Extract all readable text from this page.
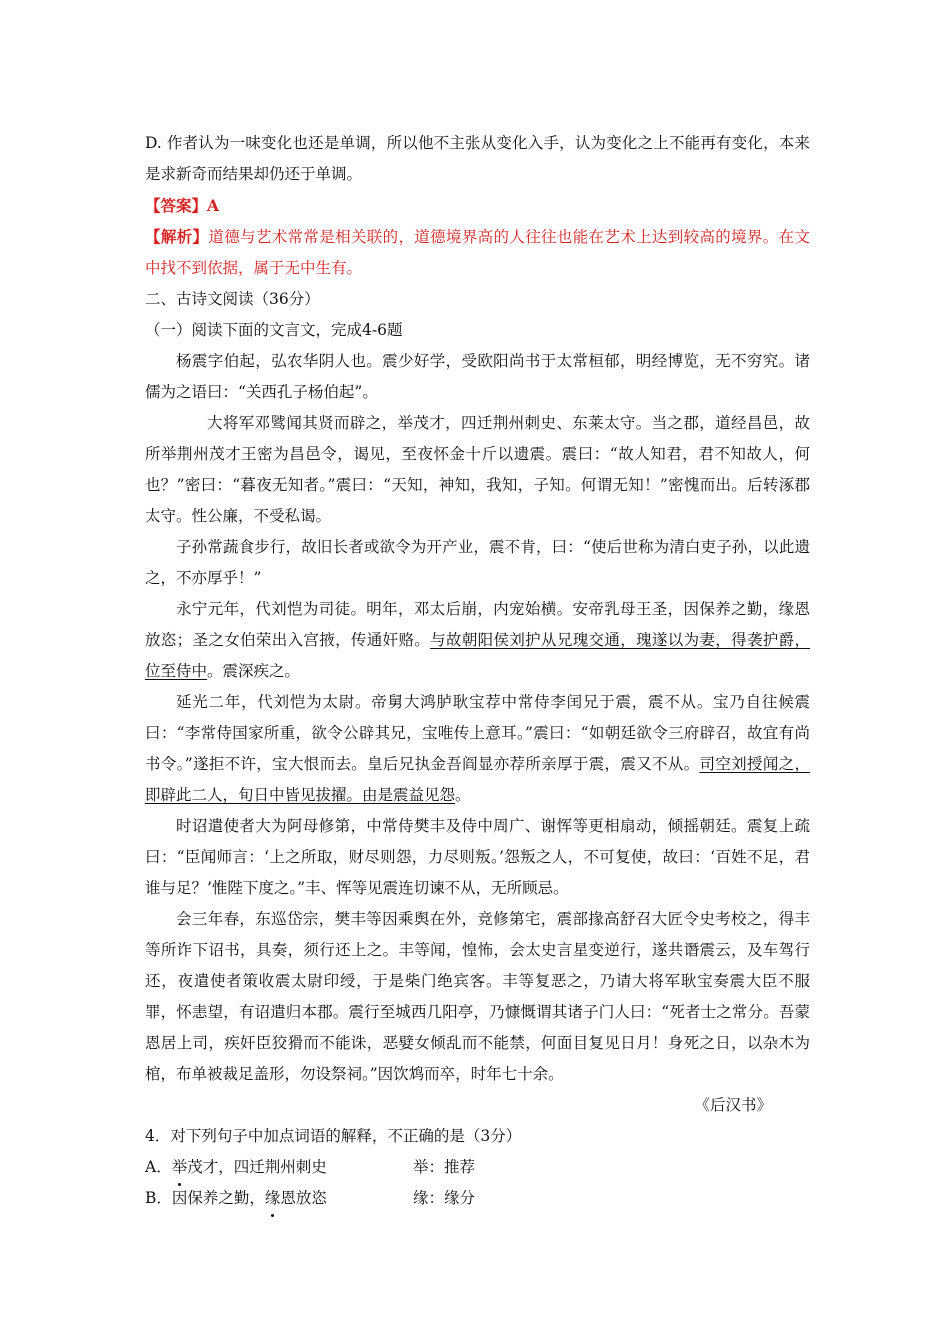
D. 作者认为一味变化也还是单调，所以他不主张从变化入手，认为变化之上不能再有变化，本来是求新奇而结果却仍还于单调。

【答案】A

【解析】道德与艺术常常是相关联的，道德境界高的人往往也能在艺术上达到较高的境界。在文中找不到依据，属于无中生有。

二、古诗文阅读（36分）

（一）阅读下面的文言文，完成4-6题

杨震字伯起，弘农华阴人也。震少好学，受欧阳尚书于太常桓郁，明经博览，无不穷究。诸儒为之语曰：“关西孔子杨伯起”。

大将军邓骘闻其贤而辟之，举茂才，四迁荆州刺史、东莱太守。当之郡，道经昌邑，故所举荆州茂才王密为昌邑令，谒见，至夜怀金十斤以遗震。震曰：“故人知君，君不知故人，何也？”密曰：“暮夜无知者。”震曰：“天知，神知，我知，子知。何谓无知！”密愧而出。后转涿郡太守。性公廉，不受私谒。

子孙常蔬食步行，故旧长者或欲令为开产业，震不肯，曰：“使后世称为清白吏子孙，以此遗之，不亦厚乎！”

永宁元年，代刘恺为司徒。明年，邓太后崩，内宠始横。安帝乳母王圣，因保养之勤，缘恩放恣；圣之女伯荣出入宫掖，传通奸赂。与故朝阳侯刘护从兄瑰交通，瑰遂以为妻，得袭护爵，位至侍中。震深疾之。

延光二年，代刘恺为太尉。帝舅大鸿胪耿宝荐中常侍李闰兄于震，震不从。宝乃自往候震曰：“李常侍国家所重，欲令公辟其兄，宝唯传上意耳。”震曰：“如朝廷欲令三府辟召，故宜有尚书令。”遂拒不许，宝大恨而去。皇后兄执金吾阎显亦荐所亲厚于震，震又不从。司空刘授闻之，即辟此二人，旬日中皆见拔擢。由是震益见怨。

时诏遣使者大为阿母修第，中常侍樊丰及侍中周广、谢恽等更相扇动，倾摇朝廷。震复上疏曰：“臣闻师言：‘上之所取，财尽则怨，力尽则叛。’怨叛之人，不可复使，故曰：‘百姓不足，君谁与足？’惟陛下度之。”丰、恽等见震连切谏不从，无所顾忌。

会三年春，东巡岱宗，樊丰等因乘舆在外，竞修第宅，震部掾高舒召大匠令史考校之，得丰等所诈下诏书，具奏，须行还上之。丰等闻，惶怖，会太史言星变逆行，遂共谮震云，及车驾行还，夜遣使者策收震太尉印绶，于是柴门绝宾客。丰等复恶之，乃请大将军耿宝奏震大臣不服罪，怀恚望，有诏遣归本郡。震行至城西几阳亭，乃慷慨谓其诸子门人曰：“死者士之常分。吾蒙恩居上司，疾奸臣狡猾而不能诛，恶嬖女倾乱而不能禁，何面目复见日月！身死之日，以杂木为棺，布单被裁足盖形，勿设祭祠。”因饮鸩而卒，时年七十余。

《后汉书》

4．对下列句子中加点词语的解释，不正确的是（3分）

A．举茂才，四迁荆州刺史	举：推荐
B．因保养之勤，缘恩放恣	缘：缘分
